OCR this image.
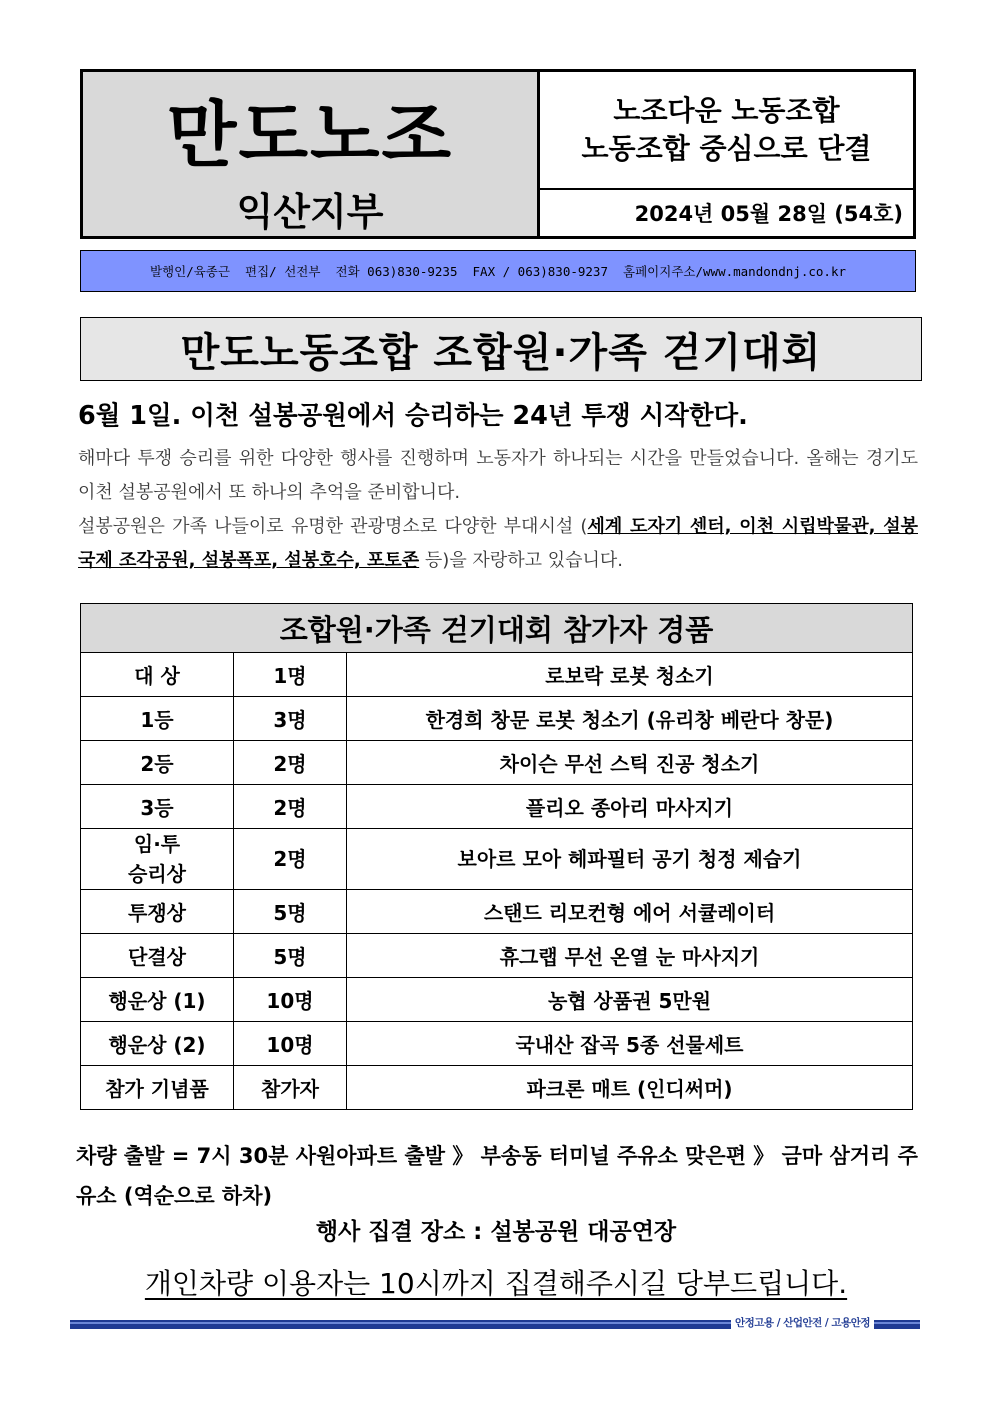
만도노조
익산지부
노조다운 노동조합
노동조합 중심으로 단결
2024년 05월 28일 (54호)
발행인/육종근  편집/ 선전부  전화 063)830-9235  FAX / 063)830-9237  홈페이지주소/www.mandondnj.co.kr
만도노동조합 조합원·가족 걷기대회
6월 1일. 이천 설봉공원에서 승리하는 24년 투쟁 시작한다.
해마다 투쟁 승리를 위한 다양한 행사를 진행하며 노동자가 하나되는 시간을 만들었습니다. 올해는 경기도 이천 설봉공원에서 또 하나의 추억을 준비합니다.
설봉공원은 가족 나들이로 유명한 관광명소로 다양한 부대시설 (세계 도자기 센터, 이천 시립박물관, 설봉 국제 조각공원, 설봉폭포, 설봉호수, 포토존 등)을 자랑하고 있습니다.
조합원·가족 걷기대회 참가자 경품		
대 상	1명	로보락 로봇 청소기
1등	3명	한경희 창문 로봇 청소기 (유리창 베란다 창문)
2등	2명	차이슨 무선 스틱 진공 청소기
3등	2명	플리오 종아리 마사지기

임·투
승리상	2명	보아르 모아 헤파필터 공기 청정 제습기
투쟁상	5명	스탠드 리모컨형 에어 서큘레이터
단결상	5명	휴그랩 무선 온열 눈 마사지기
행운상 (1)	10명	농협 상품권 5만원
행운상 (2)	10명	국내산 잡곡 5종 선물세트
참가 기념품	참가자	파크론 매트 (인디써머)
차량 출발 = 7시 30분 사원아파트 출발 》 부송동 터미널 주유소 맞은편 》 금마 삼거리 주유소 (역순으로 하차)
행사 집결 장소 : 설봉공원 대공연장
개인차량 이용자는 10시까지 집결해주시길 당부드립니다.
안정고용 / 산업안전 / 고용안정
